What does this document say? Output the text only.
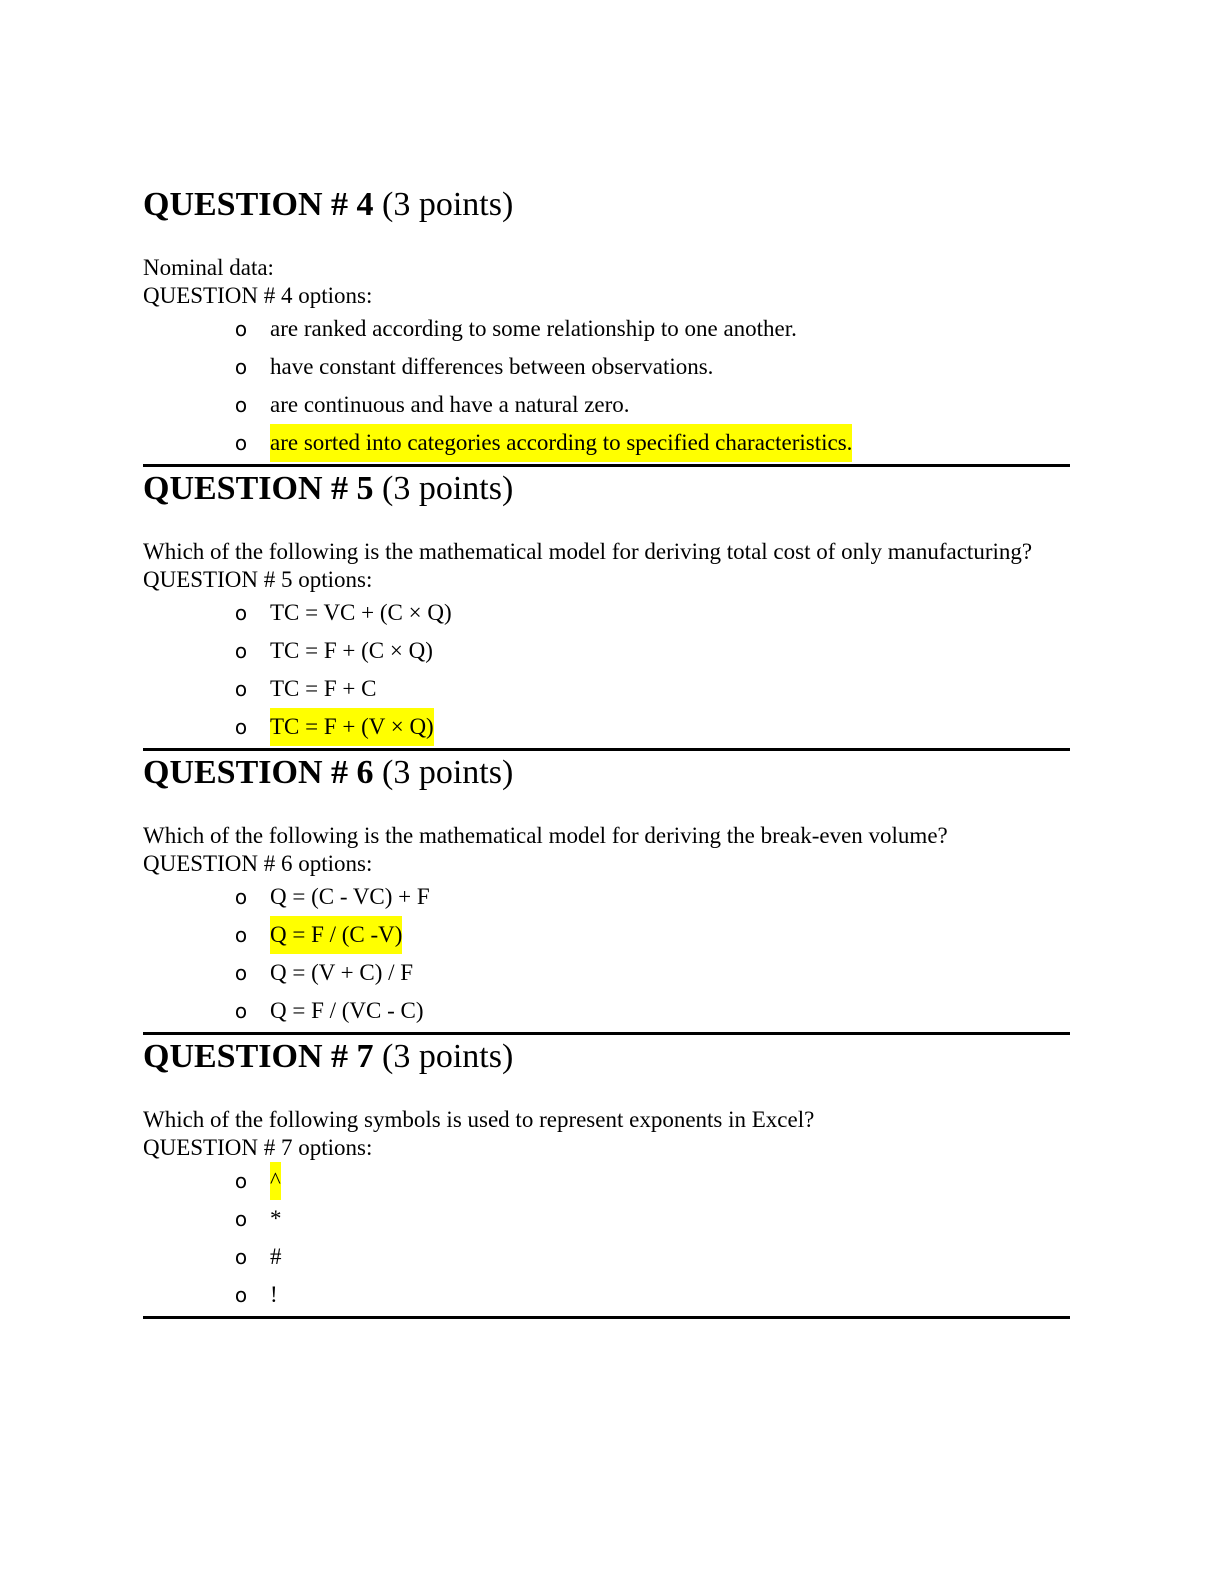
QUESTION # 4 (3 points)
Nominal data:
QUESTION # 4 options:
o are ranked according to some relationship to one another.
o have constant differences between observations.
o are continuous and have a natural zero.
o are sorted into categories according to specified characteristics.
QUESTION # 5 (3 points)
Which of the following is the mathematical model for deriving total cost of only manufacturing?
QUESTION # 5 options:
o TC = VC + (C × Q)
o TC = F + (C × Q)
o TC = F + C
o TC = F + (V × Q)
QUESTION # 6 (3 points)
Which of the following is the mathematical model for deriving the break-even volume?
QUESTION # 6 options:
o Q = (C - VC) + F
o Q = F / (C -V)
o Q = (V + C) / F
o Q = F / (VC - C)
QUESTION # 7 (3 points)
Which of the following symbols is used to represent exponents in Excel?
QUESTION # 7 options:
o ^
o *
o #
o !
